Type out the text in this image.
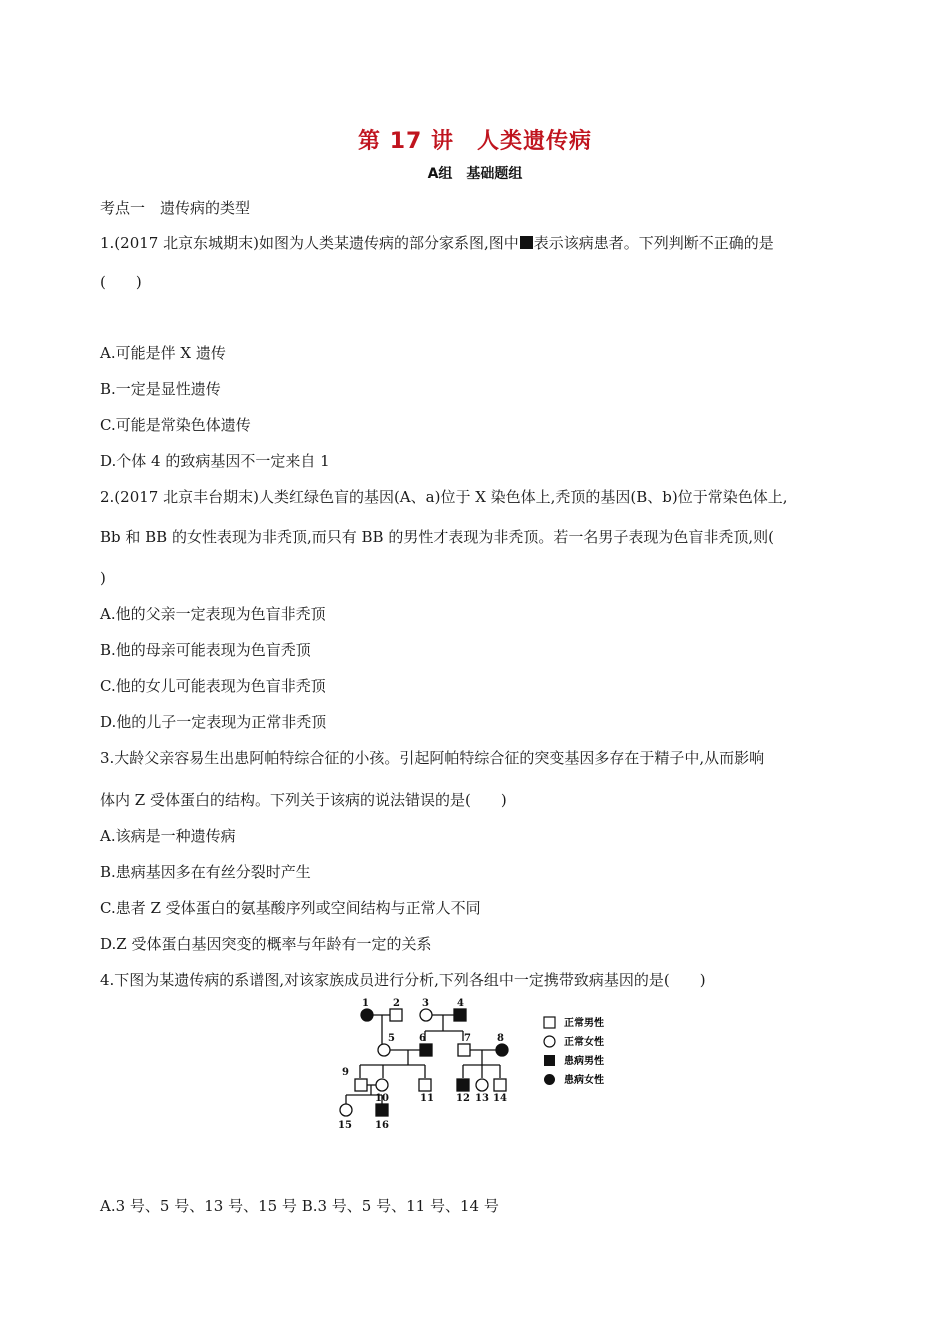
第 17 讲　人类遗传病
A组　基础题组
考点一　遗传病的类型
1.(2017 北京东城期末)如图为人类某遗传病的部分家系图,图中 表示该病患者。下列判断不正确的是
(　　)
A.可能是伴 X 遗传
B.一定是显性遗传
C.可能是常染色体遗传
D.个体 4 的致病基因不一定来自 1
2.(2017 北京丰台期末)人类红绿色盲的基因(A、a)位于 X 染色体上,秃顶的基因(B、b)位于常染色体上,
Bb 和 BB 的女性表现为非秃顶,而只有 BB 的男性才表现为非秃顶。若一名男子表现为色盲非秃顶,则(
)
A.他的父亲一定表现为色盲非秃顶
B.他的母亲可能表现为色盲秃顶
C.他的女儿可能表现为色盲非秃顶
D.他的儿子一定表现为正常非秃顶
3.大龄父亲容易生出患阿帕特综合征的小孩。引起阿帕特综合征的突变基因多存在于精子中,从而影响
体内 Z 受体蛋白的结构。下列关于该病的说法错误的是(　　)
A.该病是一种遗传病
B.患病基因多在有丝分裂时产生
C.患者 Z 受体蛋白的氨基酸序列或空间结构与正常人不同
D.Z 受体蛋白基因突变的概率与年龄有一定的关系
4.下图为某遗传病的系谱图,对该家族成员进行分析,下列各组中一定携带致病基因的是(　　)
1 2 3	4
5 6	7	8
9
10	11 12 13 14
15 16
正常男性
正常女性
患病男性
患病女性
A.3 号、5 号、13 号、15 号 B.3 号、5 号、11 号、14 号
